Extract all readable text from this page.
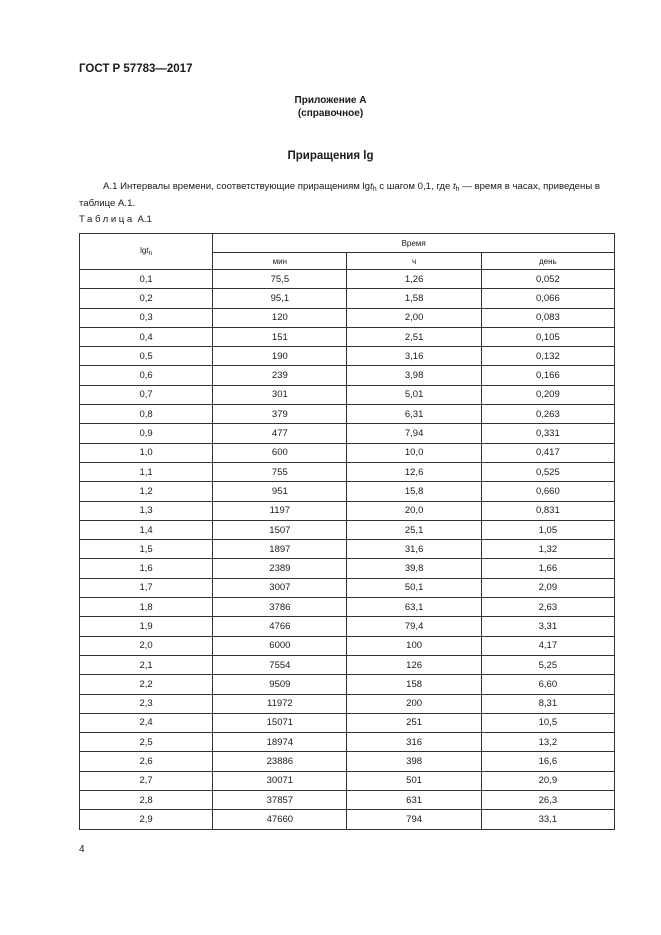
ГОСТ Р 57783—2017
Приложение А
(справочное)
Приращения lg
А.1 Интервалы времени, соответствующие приращениям lgt$_h$ с шагом 0,1, где $t_h$ — время в часах, приведены в таблице А.1.
Таблица А.1
lgt$_h$	Время		
	мин	ч	день
0,1	75,5	1,26	0,052
0,2	95,1	1,58	0,066
0,3	120	2,00	0,083
0,4	151	2,51	0,105
0,5	190	3,16	0,132
0,6	239	3,98	0,166
0,7	301	5,01	0,209
0,8	379	6,31	0,263
0,9	477	7,94	0,331
1,0	600	10,0	0,417
1,1	755	12,6	0,525
1,2	951	15,8	0,660
1,3	1197	20,0	0,831
1,4	1507	25,1	1,05
1,5	1897	31,6	1,32
1,6	2389	39,8	1,66
1,7	3007	50,1	2,09
1,8	3786	63,1	2,63
1,9	4766	79,4	3,31
2,0	6000	100	4,17
2,1	7554	126	5,25
2,2	9509	158	6,60
2,3	11972	200	8,31
2,4	15071	251	10,5
2,5	18974	316	13,2
2,6	23886	398	16,6
2,7	30071	501	20,9
2,8	37857	631	26,3
2,9	47660	794	33,1
4
